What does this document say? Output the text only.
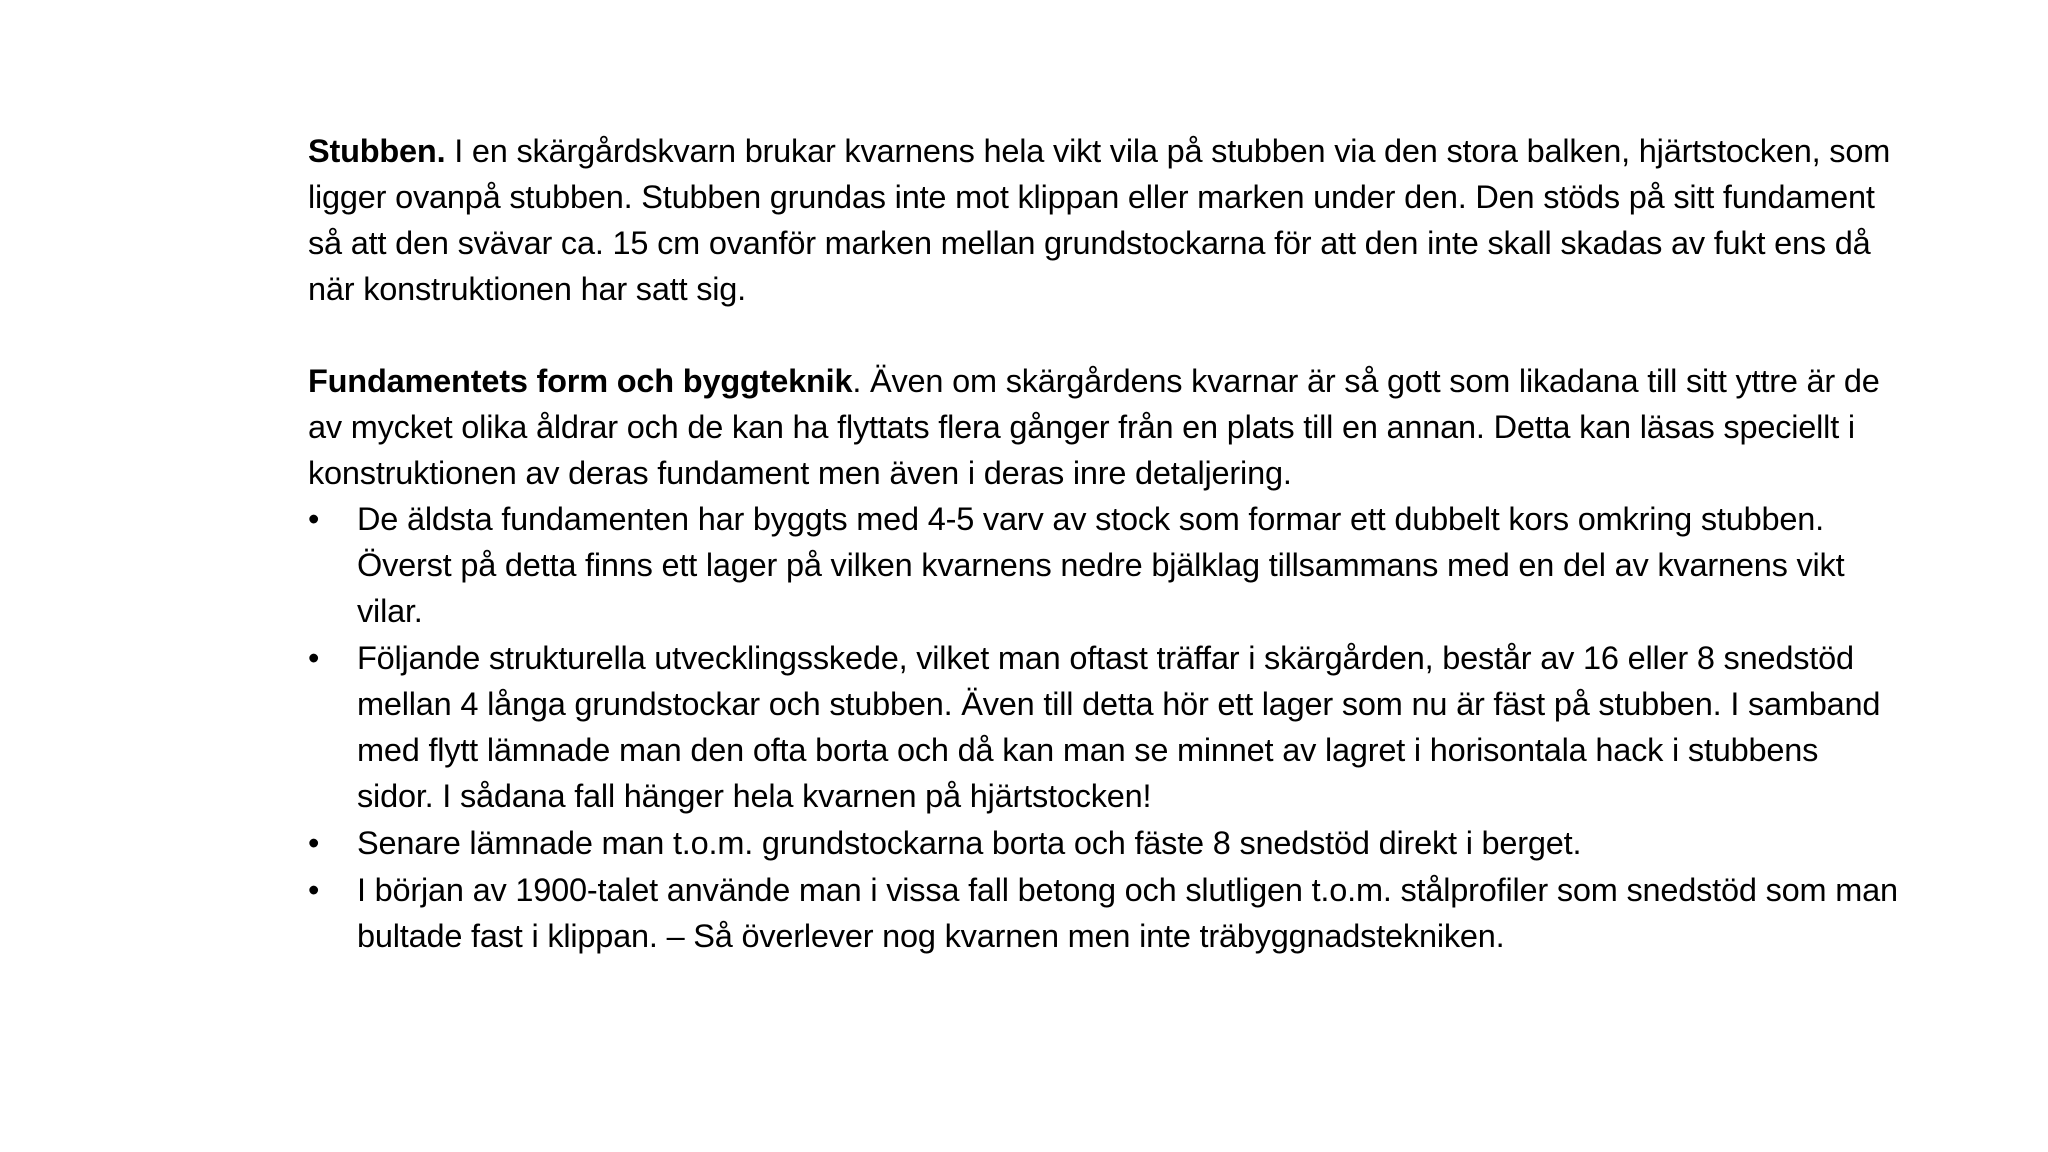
Stubben. I en skärgårdskvarn brukar kvarnens hela vikt vila på stubben via den stora balken, hjärtstocken, som ligger ovanpå stubben. Stubben grundas inte mot klippan eller marken under den. Den stöds på sitt fundament så att den svävar ca. 15 cm ovanför marken mellan grundstockarna för att den inte skall skadas av fukt ens då när konstruktionen har satt sig.

Fundamentets form och byggteknik. Även om skärgårdens kvarnar är så gott som likadana till sitt yttre är de av mycket olika åldrar och de kan ha flyttats flera gånger från en plats till en annan. Detta kan läsas speciellt i konstruktionen av deras fundament men även i deras inre detaljering.

•	De äldsta fundamenten har byggts med 4-5 varv av stock som formar ett dubbelt kors omkring stubben. Överst på detta finns ett lager på vilken kvarnens nedre bjälklag tillsammans med en del av kvarnens vikt vilar.
•	Följande strukturella utvecklingsskede, vilket man oftast träffar i skärgården, består av 16 eller 8 snedstöd mellan 4 långa grundstockar och stubben. Även till detta hör ett lager som nu är fäst på stubben. I samband med flytt lämnade man den ofta borta och då kan man se minnet av lagret i horisontala hack i stubbens sidor. I sådana fall hänger hela kvarnen på hjärtstocken!
•	Senare lämnade man t.o.m. grundstockarna borta och fäste 8 snedstöd direkt i berget.
•	I början av 1900-talet använde man i vissa fall betong och slutligen t.o.m. stålprofiler som snedstöd som man bultade fast i klippan. – Så överlever nog kvarnen men inte träbyggnadstekniken.
